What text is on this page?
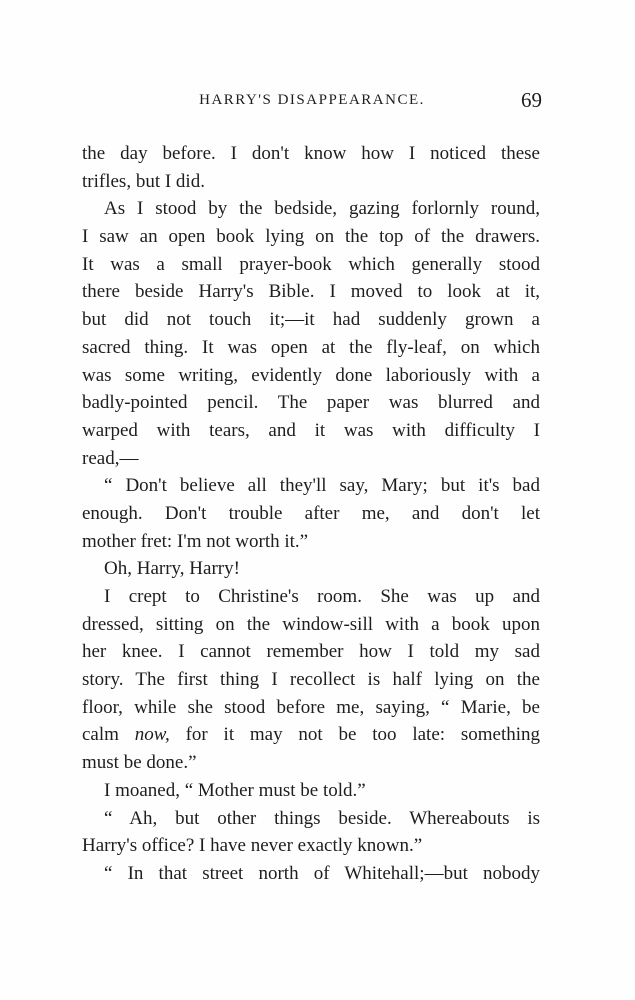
HARRY'S DISAPPEARANCE.	69
the day before. I don't know how I noticed these
trifles, but I did.
As I stood by the bedside, gazing forlornly round,
I saw an open book lying on the top of the drawers.
It was a small prayer-book which generally stood
there beside Harry's Bible. I moved to look at it,
but did not touch it;—it had suddenly grown a
sacred thing. It was open at the fly-leaf, on which
was some writing, evidently done laboriously with a
badly-pointed pencil. The paper was blurred and
warped with tears, and it was with difficulty I
read,—
“ Don't believe all they'll say, Mary; but it's bad
enough. Don't trouble after me, and don't let
mother fret: I'm not worth it.”
Oh, Harry, Harry!
I crept to Christine's room. She was up and
dressed, sitting on the window-sill with a book upon
her knee. I cannot remember how I told my sad
story. The first thing I recollect is half lying on the
floor, while she stood before me, saying, “ Marie, be
calm now, for it may not be too late: something
must be done.”
I moaned, “ Mother must be told.”
“ Ah, but other things beside. Whereabouts is
Harry's office? I have never exactly known.”
“ In that street north of Whitehall;—but nobody
